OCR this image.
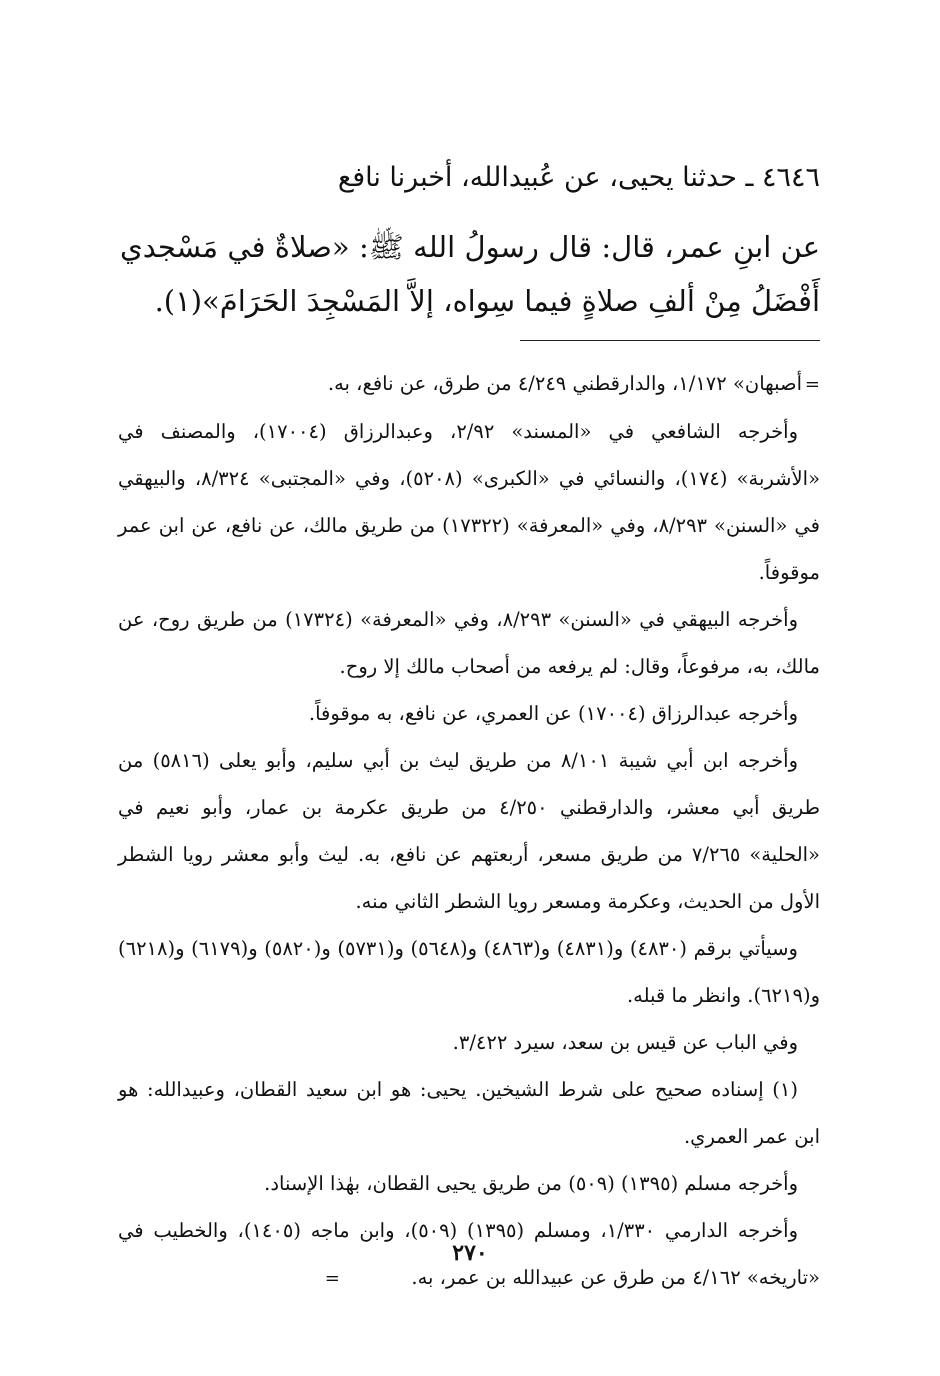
٤٦٤٦ ـ حدثنا يحيى، عن عُبيدالله، أخبرنا نافع

عن ابنِ عمر، قال: قال رسولُ الله ﷺ: «صلاةٌ في مَسْجدي أَفْضَلُ مِنْ ألفِ صلاةٍ فيما سِواه، إلاَّ المَسْجِدَ الحَرَامَ»(١).

=أصبهان» ١/١٧٢، والدارقطني ٤/٢٤٩ من طرق، عن نافع، به.

وأخرجه الشافعي في «المسند» ٢/٩٢، وعبدالرزاق (١٧٠٠٤)، والمصنف في «الأشربة» (١٧٤)، والنسائي في «الكبرى» (٥٢٠٨)، وفي «المجتبى» ٨/٣٢٤، والبيهقي في «السنن» ٨/٢٩٣، وفي «المعرفة» (١٧٣٢٢) من طريق مالك، عن نافع، عن ابن عمر موقوفاً.

وأخرجه البيهقي في «السنن» ٨/٢٩٣، وفي «المعرفة» (١٧٣٢٤) من طريق روح، عن مالك، به، مرفوعاً، وقال: لم يرفعه من أصحاب مالك إلا روح.

وأخرجه عبدالرزاق (١٧٠٠٤) عن العمري، عن نافع، به موقوفاً.

وأخرجه ابن أبي شيبة ٨/١٠١ من طريق ليث بن أبي سليم، وأبو يعلى (٥٨١٦) من طريق أبي معشر، والدارقطني ٤/٢٥٠ من طريق عكرمة بن عمار، وأبو نعيم في «الحلية» ٧/٢٦٥ من طريق مسعر، أربعتهم عن نافع، به. ليث وأبو معشر رويا الشطر الأول من الحديث، وعكرمة ومسعر رويا الشطر الثاني منه.

وسيأتي برقم (٤٨٣٠) و(٤٨٣١) و(٤٨٦٣) و(٥٦٤٨) و(٥٧٣١) و(٥٨٢٠) و(٦١٧٩) و(٦٢١٨) و(٦٢١٩). وانظر ما قبله.

وفي الباب عن قيس بن سعد، سيرد ٣/٤٢٢.

(١) إسناده صحيح على شرط الشيخين. يحيى: هو ابن سعيد القطان، وعبيدالله: هو ابن عمر العمري.

وأخرجه مسلم (١٣٩٥) (٥٠٩) من طريق يحيى القطان، بهٰذا الإسناد.

وأخرجه الدارمي ١/٣٣٠، ومسلم (١٣٩٥) (٥٠٩)، وابن ماجه (١٤٠٥)، والخطيب في «تاريخه» ٤/١٦٢ من طرق عن عبيدالله بن عمر، به.        =

٢٧٠
